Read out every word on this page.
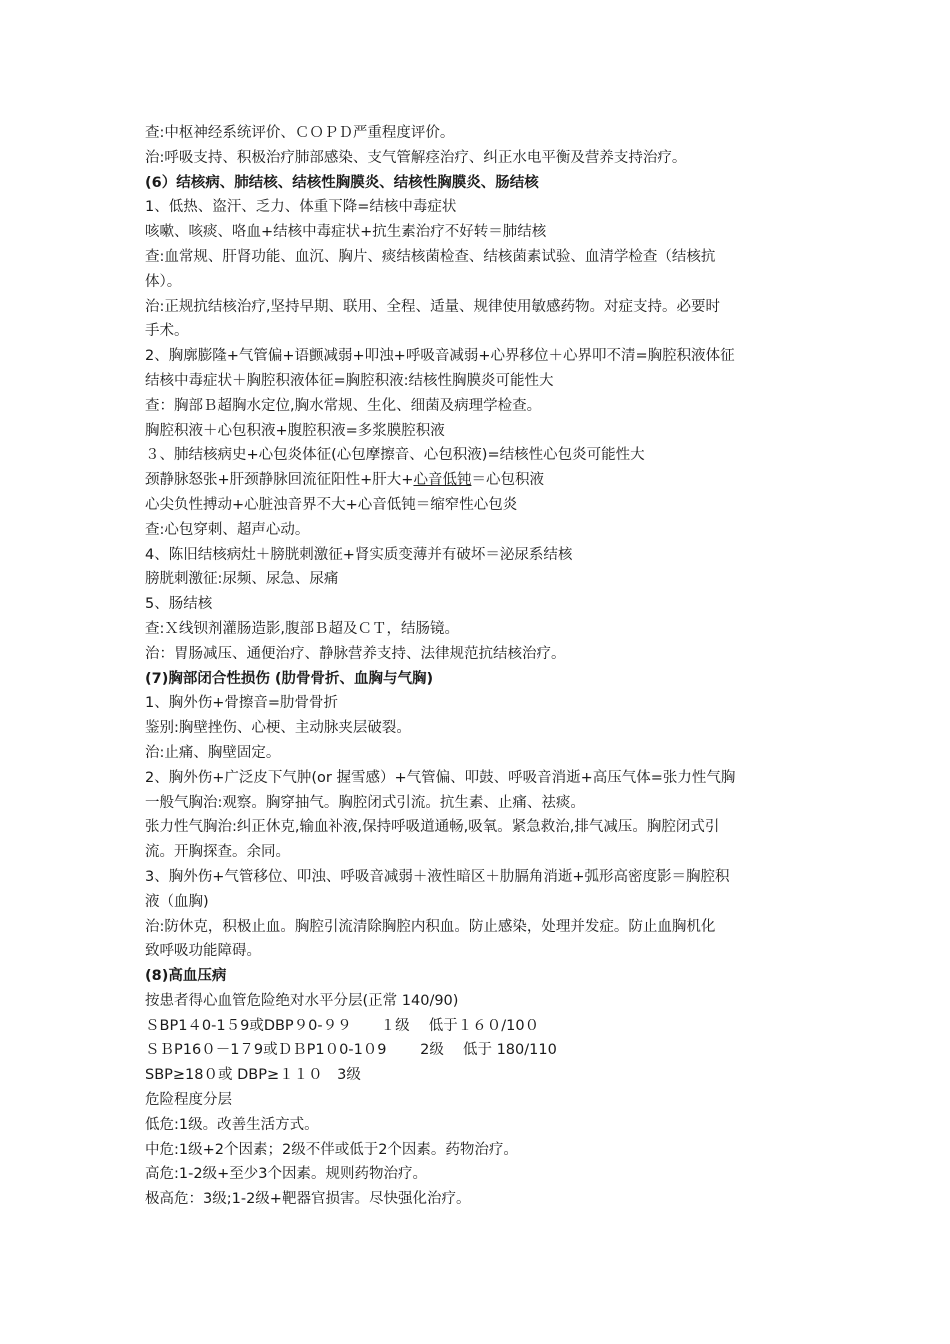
查:中枢神经系统评价、ＣＯＰＤ严重程度评价。
治:呼吸支持、积极治疗肺部感染、支气管解痉治疗、纠正水电平衡及营养支持治疗。
(6）结核病、肺结核、结核性胸膜炎、结核性胸膜炎、肠结核
1、低热、盗汗、乏力、体重下降=结核中毒症状
咳嗽、咳痰、咯血+结核中毒症状+抗生素治疗不好转＝肺结核
查:血常规、肝肾功能、血沉、胸片、痰结核菌检查、结核菌素试验、血清学检查（结核抗
体）。
治:正规抗结核治疗,坚持早期、联用、全程、适量、规律使用敏感药物。对症支持。必要时
手术。
2、胸廓膨隆+气管偏+语颤减弱+叩浊+呼吸音减弱+心界移位＋心界叩不清=胸腔积液体征
结核中毒症状＋胸腔积液体征=胸腔积液:结核性胸膜炎可能性大
查：胸部Ｂ超胸水定位,胸水常规、生化、细菌及病理学检查。
胸腔积液＋心包积液+腹腔积液=多浆膜腔积液
３、肺结核病史+心包炎体征(心包摩擦音、心包积液)=结核性心包炎可能性大
颈静脉怒张+肝颈静脉回流征阳性+肝大+心音低钝＝心包积液
心尖负性搏动+心脏浊音界不大+心音低钝＝缩窄性心包炎
查:心包穿刺、超声心动。
4、陈旧结核病灶＋膀胱刺激征+肾实质变薄并有破坏＝泌尿系结核
膀胱刺激征:尿频、尿急、尿痛
5、肠结核
查:Ｘ线钡剂灌肠造影,腹部Ｂ超及ＣＴ，结肠镜。
治：胃肠减压、通便治疗、静脉营养支持、法律规范抗结核治疗。
(7)胸部闭合性损伤 (肋骨骨折、血胸与气胸)
1、胸外伤+骨擦音=肋骨骨折
鉴别:胸壁挫伤、心梗、主动脉夹层破裂。
治:止痛、胸壁固定。
2、胸外伤+广泛皮下气肿(or 握雪感）+气管偏、叩鼓、呼吸音消逝+高压气体=张力性气胸
一般气胸治:观察。胸穿抽气。胸腔闭式引流。抗生素、止痛、祛痰。
张力性气胸治:纠正休克,输血补液,保持呼吸道通畅,吸氧。紧急救治,排气减压。胸腔闭式引
流。开胸探查。余同。
3、胸外伤+气管移位、叩浊、呼吸音减弱＋液性暗区＋肋膈角消逝+弧形高密度影＝胸腔积
液（血胸)
治:防休克，积极止血。胸腔引流清除胸腔内积血。防止感染，处理并发症。防止血胸机化
致呼吸功能障碍。
(8)高血压病
按患者得心血管危险绝对水平分层(正常 140/90)
ＳBP1４0-1５9或DBP９0-９９　　１级　 低于１６０/10０
ＳＢP16０－1７9或ＤＢP1０0-1０9　　 2级　 低于 180/110
SBP≥18０或 DBP≥１１０　3级
危险程度分层
低危:1级。改善生活方式。
中危:1级+2个因素；2级不伴或低于2个因素。药物治疗。
高危:1-2级+至少3个因素。规则药物治疗。
极高危：3级;1-2级+靶器官损害。尽快强化治疗。
